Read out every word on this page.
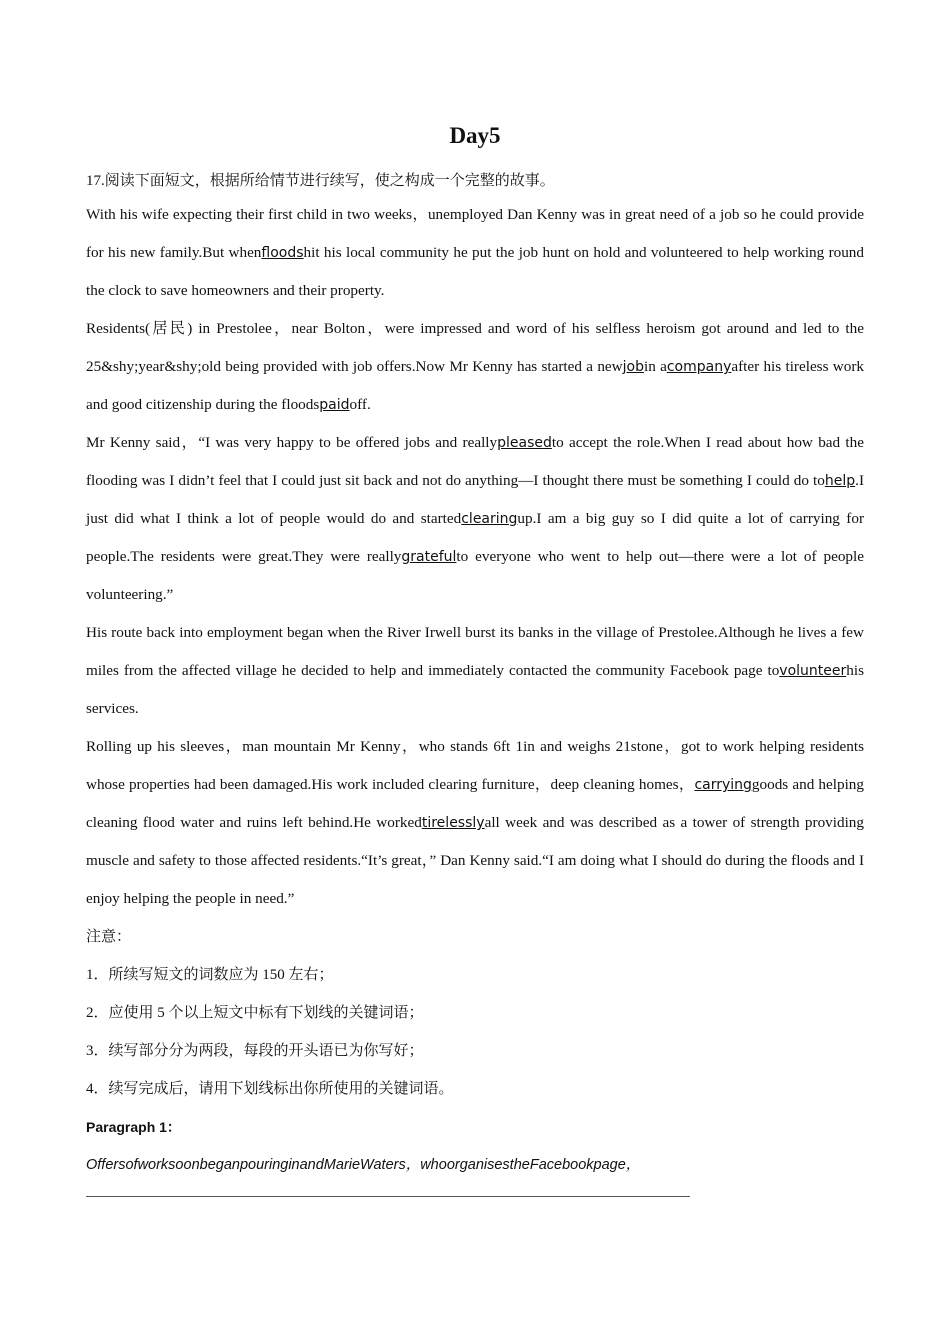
Day5
17.阅读下面短文，根据所给情节进行续写，使之构成一个完整的故事。

With his wife expecting their first child in two weeks，unemployed Dan Kenny was in great need of a job so he could provide for his new family.But whenfloodshit his local community he put the job hunt on hold and volunteered to help working round the clock to save homeowners and their property.

Residents(居民) in Prestolee，near Bolton，were impressed and word of his selfless heroism got around and led to the 25&shy;year&shy;old being provided with job offers.Now Mr Kenny has started a newjobin acompanyafter his tireless work and good citizenship during the floodspaidoff.

Mr Kenny said，“I was very happy to be offered jobs and reallypleasedto accept the role.When I read about how bad the flooding was I didn’t feel that I could just sit back and not do anything—I thought there must be something I could do tohelp.I just did what I think a lot of people would do and startedclearingup.I am a big guy so I did quite a lot of carrying for people.The residents were great.They were reallygratefulto everyone who went to help out—there were a lot of people volunteering.”

His route back into employment began when the River Irwell burst its banks in the village of Prestolee.Although he lives a few miles from the affected village he decided to help and immediately contacted the community Facebook page tovolunteerhis services.

Rolling up his sleeves，man mountain Mr Kenny，who stands 6ft 1in and weighs 21stone，got to work helping residents whose properties had been damaged.His work included clearing furniture，deep cleaning homes，carryinggoods and helping cleaning flood water and ruins left behind.He workedtirelesslyall week and was described as a tower of strength providing muscle and safety to those affected residents.“It’s great，” Dan Kenny said.“I am doing what I should do during the floods and I enjoy helping the people in need.”

注意：
1．所续写短文的词数应为 150 左右；
2．应使用 5 个以上短文中标有下划线的关键词语；
3．续写部分分为两段，每段的开头语已为你写好；
4．续写完成后，请用下划线标出你所使用的关键词语。
Paragraph 1：
OffersofworksoonbeganpouringinandMarieWaters，whoorganisestheFacebookpage，
